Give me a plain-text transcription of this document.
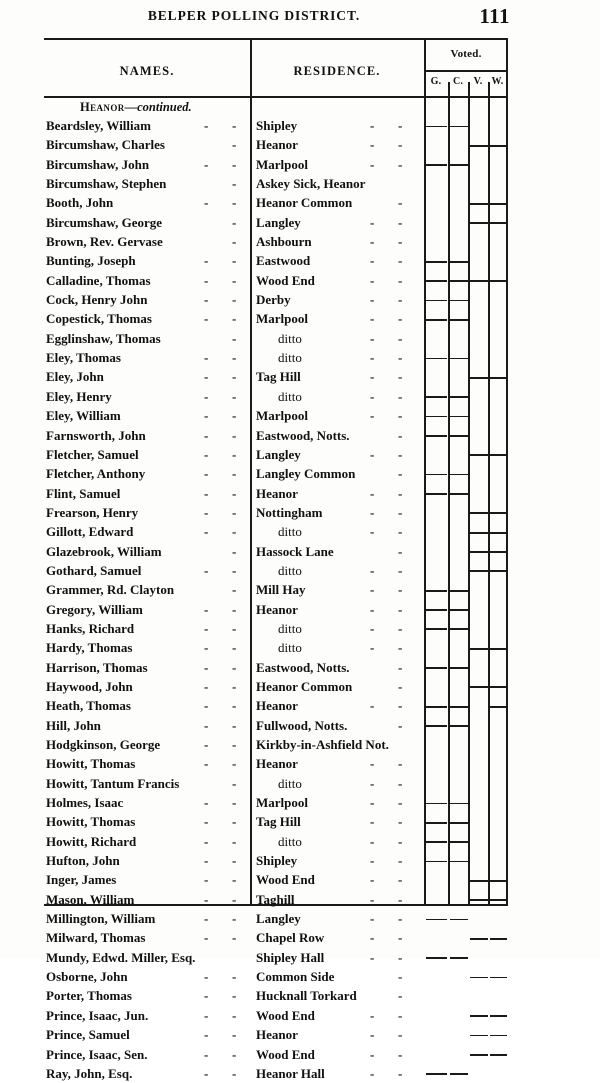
BELPER POLLING DISTRICT.	111
NAMES.	RESIDENCE.
Voted.
G.	C.	V. W.
Heanor—continued.
Beardsley, William	- - Shipley	- -
Bircumshaw, Charles	- Heanor	- -
Bircumshaw, John	- - Marlpool	- -
Bircumshaw, Stephen	- Askey Sick, Heanor
Booth, John	- - Heanor Common	-
Bircumshaw, George	- Langley	- -
Brown, Rev. Gervase	- Ashbourn	- -
Bunting, Joseph	- - Eastwood	- -
Calladine, Thomas	- - Wood End	- -
Cock, Henry John	- - Derby	- -
Copestick, Thomas	- - Marlpool	- -
Egglinshaw, Thomas	-	ditto	- -
Eley, Thomas	- -	ditto	- -
Eley, John	- - Tag Hill	- -
Eley, Henry	- -	ditto	- -
Eley, William	- - Marlpool	- -
Farnsworth, John	- - Eastwood, Notts.	-
Fletcher, Samuel	- - Langley	- -
Fletcher, Anthony	- - Langley Common	-
Flint, Samuel	- - Heanor	- -
Frearson, Henry	- - Nottingham	- -
Gillott, Edward	- -	ditto	- -
Glazebrook, William	- Hassock Lane	-
Gothard, Samuel	- -	ditto	- -
Grammer, Rd. Clayton	- Mill Hay	- -
Gregory, William	- - Heanor	- -
Hanks, Richard	- -	ditto	- -
Hardy, Thomas	- -	ditto	- -
Harrison, Thomas	- - Eastwood, Notts.	-
Haywood, John	- - Heanor Common	-
Heath, Thomas	- - Heanor	- -
Hill, John	- - Fullwood, Notts.	-
Hodgkinson, George	- - Kirkby-in-Ashfield Not.
Howitt, Thomas	- - Heanor	- -
Howitt, Tantum Francis	-	ditto	- -
Holmes, Isaac	- - Marlpool	- -
Howitt, Thomas	- - Tag Hill	- -
Howitt, Richard	- -	ditto	- -
Hufton, John	- - Shipley	- -
Inger, James	- - Wood End	- -
Mason, William	- - Taghill	- -
Millington, William	- - Langley	- -
Milward, Thomas	- - Chapel Row	- -
Mundy, Edwd. Miller, Esq.	Shipley Hall	- -
Osborne, John	- - Common Side	-
Porter, Thomas	- - Hucknall Torkard	-
Prince, Isaac, Jun.	- - Wood End	- -
Prince, Samuel	- - Heanor	- -
Prince, Isaac, Sen.	- - Wood End	- -
Ray, John, Esq.	- - Heanor Hall	- -
